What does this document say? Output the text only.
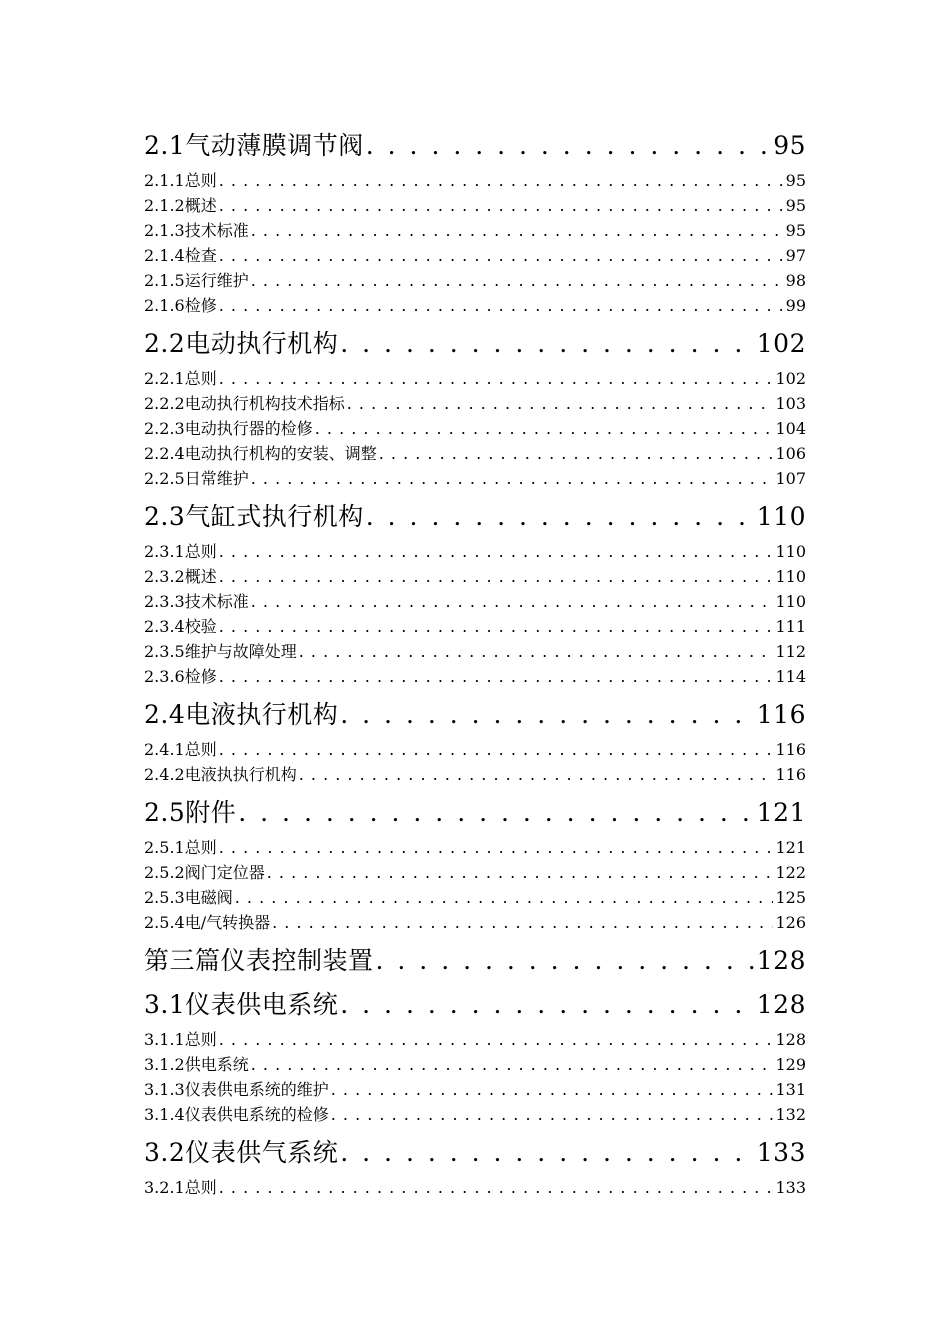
2.1气动薄膜调节阀 . . .	95
2.1.1总则 . . .	95
2.1.2概述 . . .	95
2.1.3技术标准 . . .	95
2.1.4检查 . . .	97
2.1.5运行维护 . . .	98
2.1.6检修 . . .	99
2.2电动执行机构 . . .	102
2.2.1总则 . . .	102
2.2.2电动执行机构技术指标 . . .	103
2.2.3电动执行器的检修 . . .	104
2.2.4电动执行机构的安装、调整 . . .	106
2.2.5日常维护 . . .	107
2.3气缸式执行机构 . . .	110
2.3.1总则 . . .	110
2.3.2概述 . . .	110
2.3.3技术标准 . . .	110
2.3.4校验 . . .	111
2.3.5维护与故障处理 . . .	112
2.3.6检修 . . .	114
2.4电液执行机构 . . .	116
2.4.1总则 . . .	116
2.4.2电液执执行机构 . . .	116
2.5附件 . . .	121
2.5.1总则 . . .	121
2.5.2阀门定位器 . . .	122
2.5.3电磁阀 . . .	125
2.5.4电/气转换器 . . .	126
第三篇仪表控制装置 . . .	128
3.1仪表供电系统 . . .	128
3.1.1总则 . . .	128
3.1.2供电系统 . . .	129
3.1.3仪表供电系统的维护 . . .	131
3.1.4仪表供电系统的检修 . . .	132
3.2仪表供气系统 . . .	133
3.2.1总则 . . .	133
